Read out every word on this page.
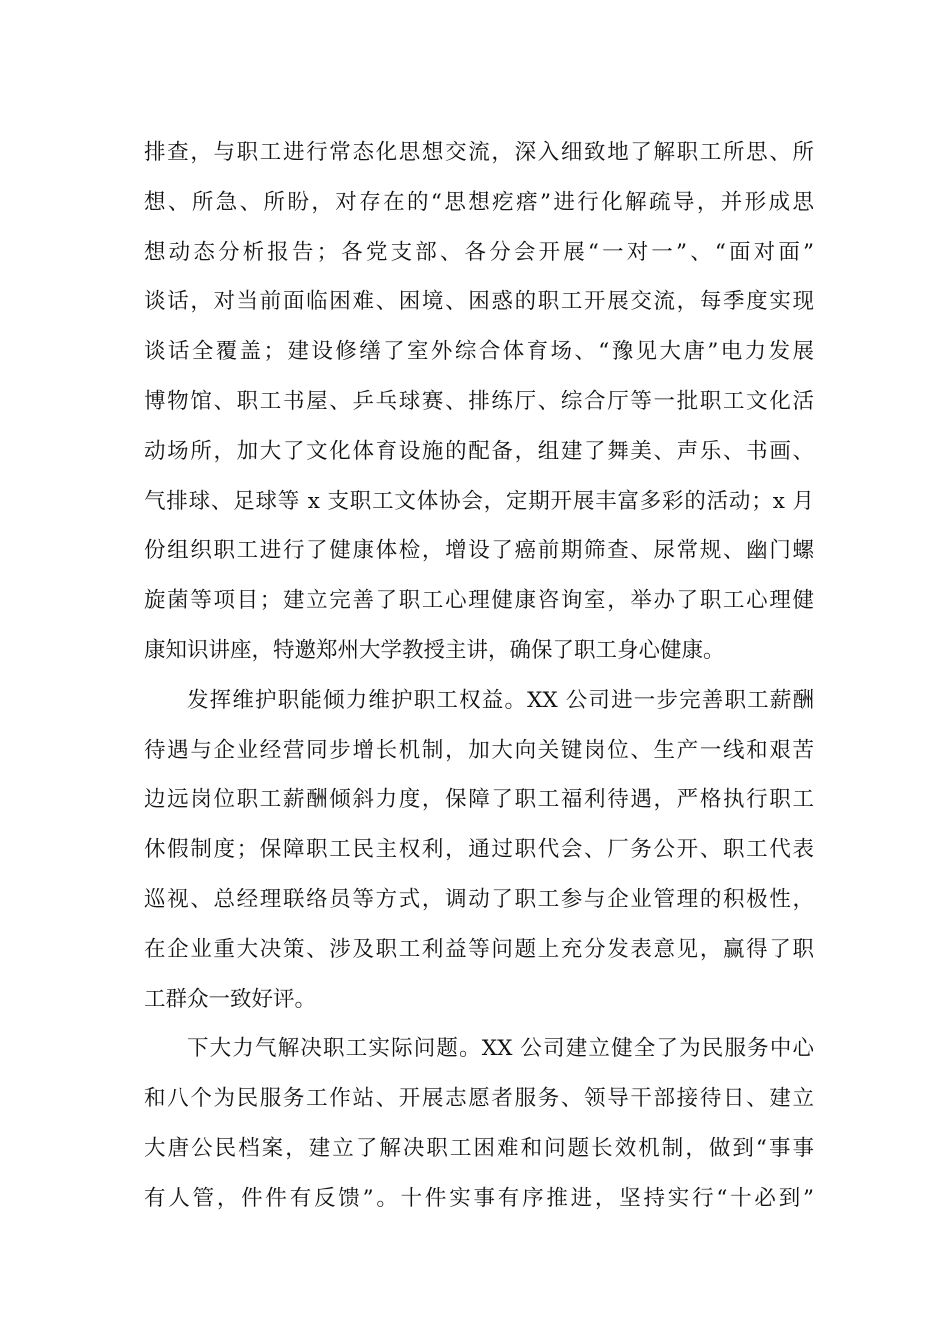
排查，与职工进行常态化思想交流，深入细致地了解职工所思、所
想、所急、所盼，对存在的“思想疙瘩”进行化解疏导，并形成思
想动态分析报告；各党支部、各分会开展“一对一”、“面对面”
谈话，对当前面临困难、困境、困惑的职工开展交流，每季度实现
谈话全覆盖；建设修缮了室外综合体育场、“豫见大唐”电力发展
博物馆、职工书屋、乒乓球赛、排练厅、综合厅等一批职工文化活
动场所，加大了文化体育设施的配备，组建了舞美、声乐、书画、
气排球、足球等 x 支职工文体协会，定期开展丰富多彩的活动；x 月
份组织职工进行了健康体检，增设了癌前期筛查、尿常规、幽门螺
旋菌等项目；建立完善了职工心理健康咨询室，举办了职工心理健
康知识讲座，特邀郑州大学教授主讲，确保了职工身心健康。
发挥维护职能倾力维护职工权益。XX 公司进一步完善职工薪酬
待遇与企业经营同步增长机制，加大向关键岗位、生产一线和艰苦
边远岗位职工薪酬倾斜力度，保障了职工福利待遇，严格执行职工
休假制度；保障职工民主权利，通过职代会、厂务公开、职工代表
巡视、总经理联络员等方式，调动了职工参与企业管理的积极性，
在企业重大决策、涉及职工利益等问题上充分发表意见，赢得了职
工群众一致好评。
下大力气解决职工实际问题。XX 公司建立健全了为民服务中心
和八个为民服务工作站、开展志愿者服务、领导干部接待日、建立
大唐公民档案，建立了解决职工困难和问题长效机制，做到“事事
有人管，件件有反馈”。十件实事有序推进，坚持实行“十必到”
